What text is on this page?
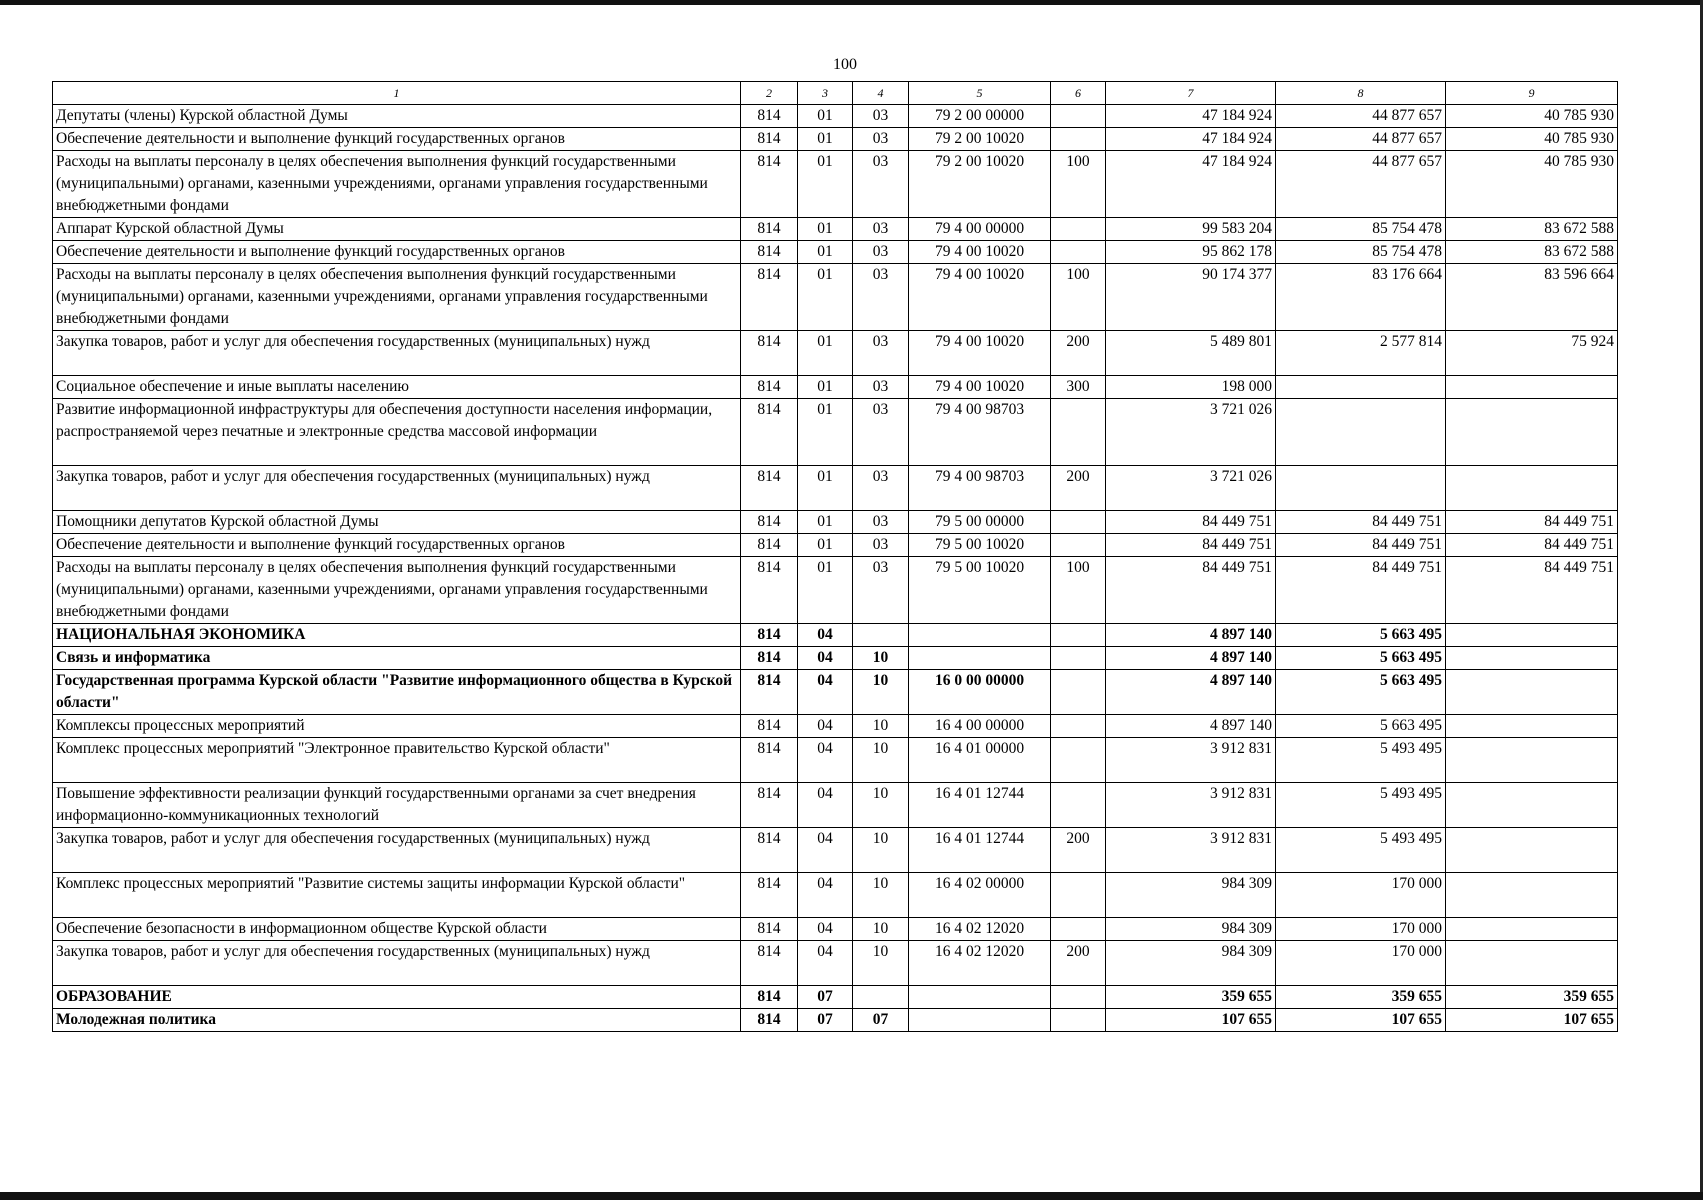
100
1	2	3	4	5	6	7	8	9
Депутаты (члены) Курской областной Думы	814	01	03	79 2 00 00000		47 184 924	44 877 657	40 785 930
Обеспечение деятельности и выполнение функций государственных органов	814	01	03	79 2 00 10020		47 184 924	44 877 657	40 785 930
Расходы на выплаты персоналу в целях обеспечения выполнения функций государственными (муниципальными) органами, казенными учреждениями, органами управления государственными внебюджетными фондами	814	01	03	79 2 00 10020	100	47 184 924	44 877 657	40 785 930
Аппарат Курской областной Думы	814	01	03	79 4 00 00000		99 583 204	85 754 478	83 672 588
Обеспечение деятельности и выполнение функций государственных органов	814	01	03	79 4 00 10020		95 862 178	85 754 478	83 672 588
Расходы на выплаты персоналу в целях обеспечения выполнения функций государственными (муниципальными) органами, казенными учреждениями, органами управления государственными внебюджетными фондами	814	01	03	79 4 00 10020	100	90 174 377	83 176 664	83 596 664
Закупка товаров, работ и услуг для обеспечения государственных (муниципальных) нужд	814	01	03	79 4 00 10020	200	5 489 801	2 577 814	75 924
Социальное обеспечение и иные выплаты населению	814	01	03	79 4 00 10020	300	198 000		
Развитие информационной инфраструктуры для обеспечения доступности населения информации, распространяемой через печатные и электронные средства массовой информации	814	01	03	79 4 00 98703		3 721 026		
Закупка товаров, работ и услуг для обеспечения государственных (муниципальных) нужд	814	01	03	79 4 00 98703	200	3 721 026		
Помощники депутатов Курской областной Думы	814	01	03	79 5 00 00000		84 449 751	84 449 751	84 449 751
Обеспечение деятельности и выполнение функций государственных органов	814	01	03	79 5 00 10020		84 449 751	84 449 751	84 449 751
Расходы на выплаты персоналу в целях обеспечения выполнения функций государственными (муниципальными) органами, казенными учреждениями, органами управления государственными внебюджетными фондами	814	01	03	79 5 00 10020	100	84 449 751	84 449 751	84 449 751
НАЦИОНАЛЬНАЯ ЭКОНОМИКА	814	04				4 897 140	5 663 495	
Связь и информатика	814	04	10			4 897 140	5 663 495	
Государственная программа Курской области "Развитие информационного общества в Курской области"	814	04	10	16 0 00 00000		4 897 140	5 663 495	
Комплексы процессных мероприятий	814	04	10	16 4 00 00000		4 897 140	5 663 495	
Комплекс процессных мероприятий "Электронное правительство Курской области"	814	04	10	16 4 01 00000		3 912 831	5 493 495	
Повышение эффективности реализации функций государственными органами за счет внедрения информационно-коммуникационных технологий	814	04	10	16 4 01 12744		3 912 831	5 493 495	
Закупка товаров, работ и услуг для обеспечения государственных (муниципальных) нужд	814	04	10	16 4 01 12744	200	3 912 831	5 493 495	
Комплекс процессных мероприятий "Развитие системы защиты информации Курской области"	814	04	10	16 4 02 00000		984 309	170 000	
Обеспечение безопасности в информационном обществе Курской области	814	04	10	16 4 02 12020		984 309	170 000	
Закупка товаров, работ и услуг для обеспечения государственных (муниципальных) нужд	814	04	10	16 4 02 12020	200	984 309	170 000	
ОБРАЗОВАНИЕ	814	07				359 655	359 655	359 655
Молодежная политика	814	07	07			107 655	107 655	107 655
